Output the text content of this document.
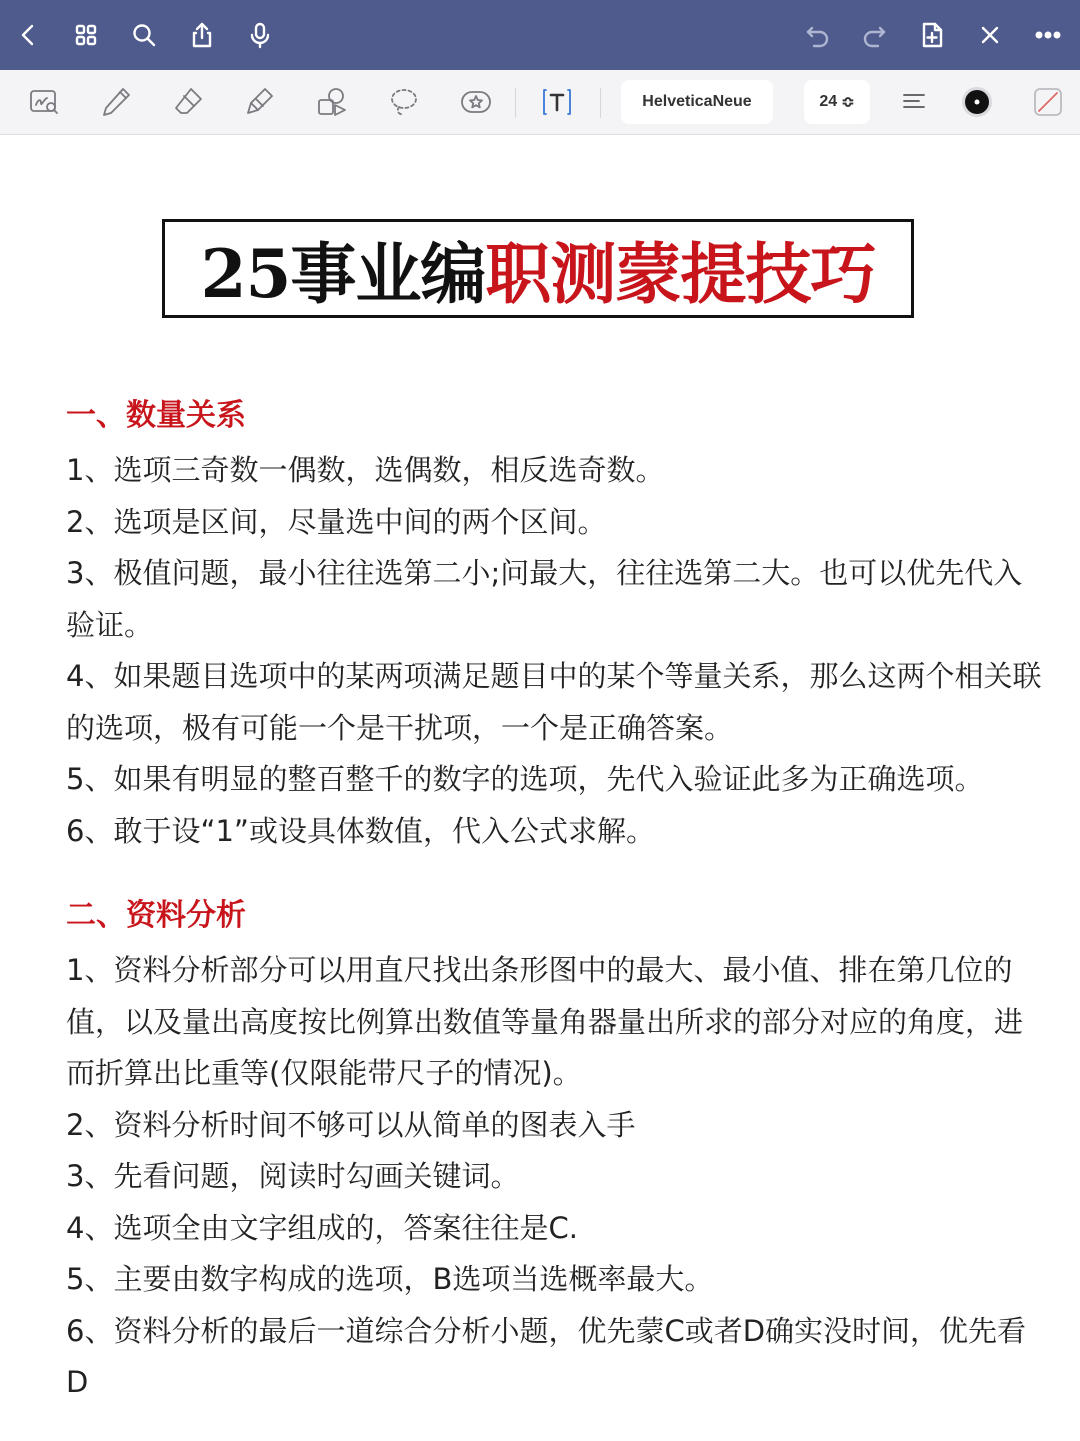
HelveticaNeue	24 ≎
25事业编 职测蒙提技巧
一、数量关系

1、选项三奇数一偶数，选偶数，相反选奇数。

2、选项是区间，尽量选中间的两个区间。

3、极值问题，最小往往选第二小;问最大，往往选第二大。也可以优先代入验证。

4、如果题目选项中的某两项满足题目中的某个等量关系，那么这两个相关联的选项，极有可能一个是干扰项，一个是正确答案。

5、如果有明显的整百整千的数字的选项，先代入验证此多为正确选项。

6、敢于设“1”或设具体数值，代入公式求解。

二、资料分析

1、资料分析部分可以用直尺找出条形图中的最大、最小值、排在第几位的值，以及量出高度按比例算出数值等量角器量出所求的部分对应的角度，进而折算出比重等(仅限能带尺子的情况)。

2、资料分析时间不够可以从简单的图表入手

3、先看问题，阅读时勾画关键词。

4、选项全由文字组成的，答案往往是C.

5、主要由数字构成的选项，B选项当选概率最大。

6、资料分析的最后一道综合分析小题，优先蒙C或者D确实没时间，优先看D
